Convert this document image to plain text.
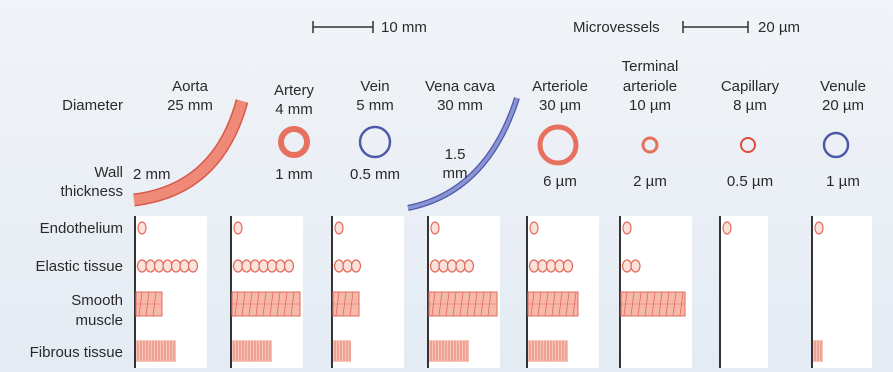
10 mm	Microvessels	20 µm
Diameter
Wall
thickness
Aorta
25 mm
2 mm
Artery
4 mm
1 mm
Vein
5 mm
0.5 mm
Vena cava
30 mm
1.5
mm
Arteriole
30 µm
6 µm
Terminal
arteriole
10 µm
2 µm
Capillary
8 µm
0.5 µm
Venule
20 µm
1 µm
Endothelium
Elastic tissue
Smooth
muscle
Fibrous tissue
